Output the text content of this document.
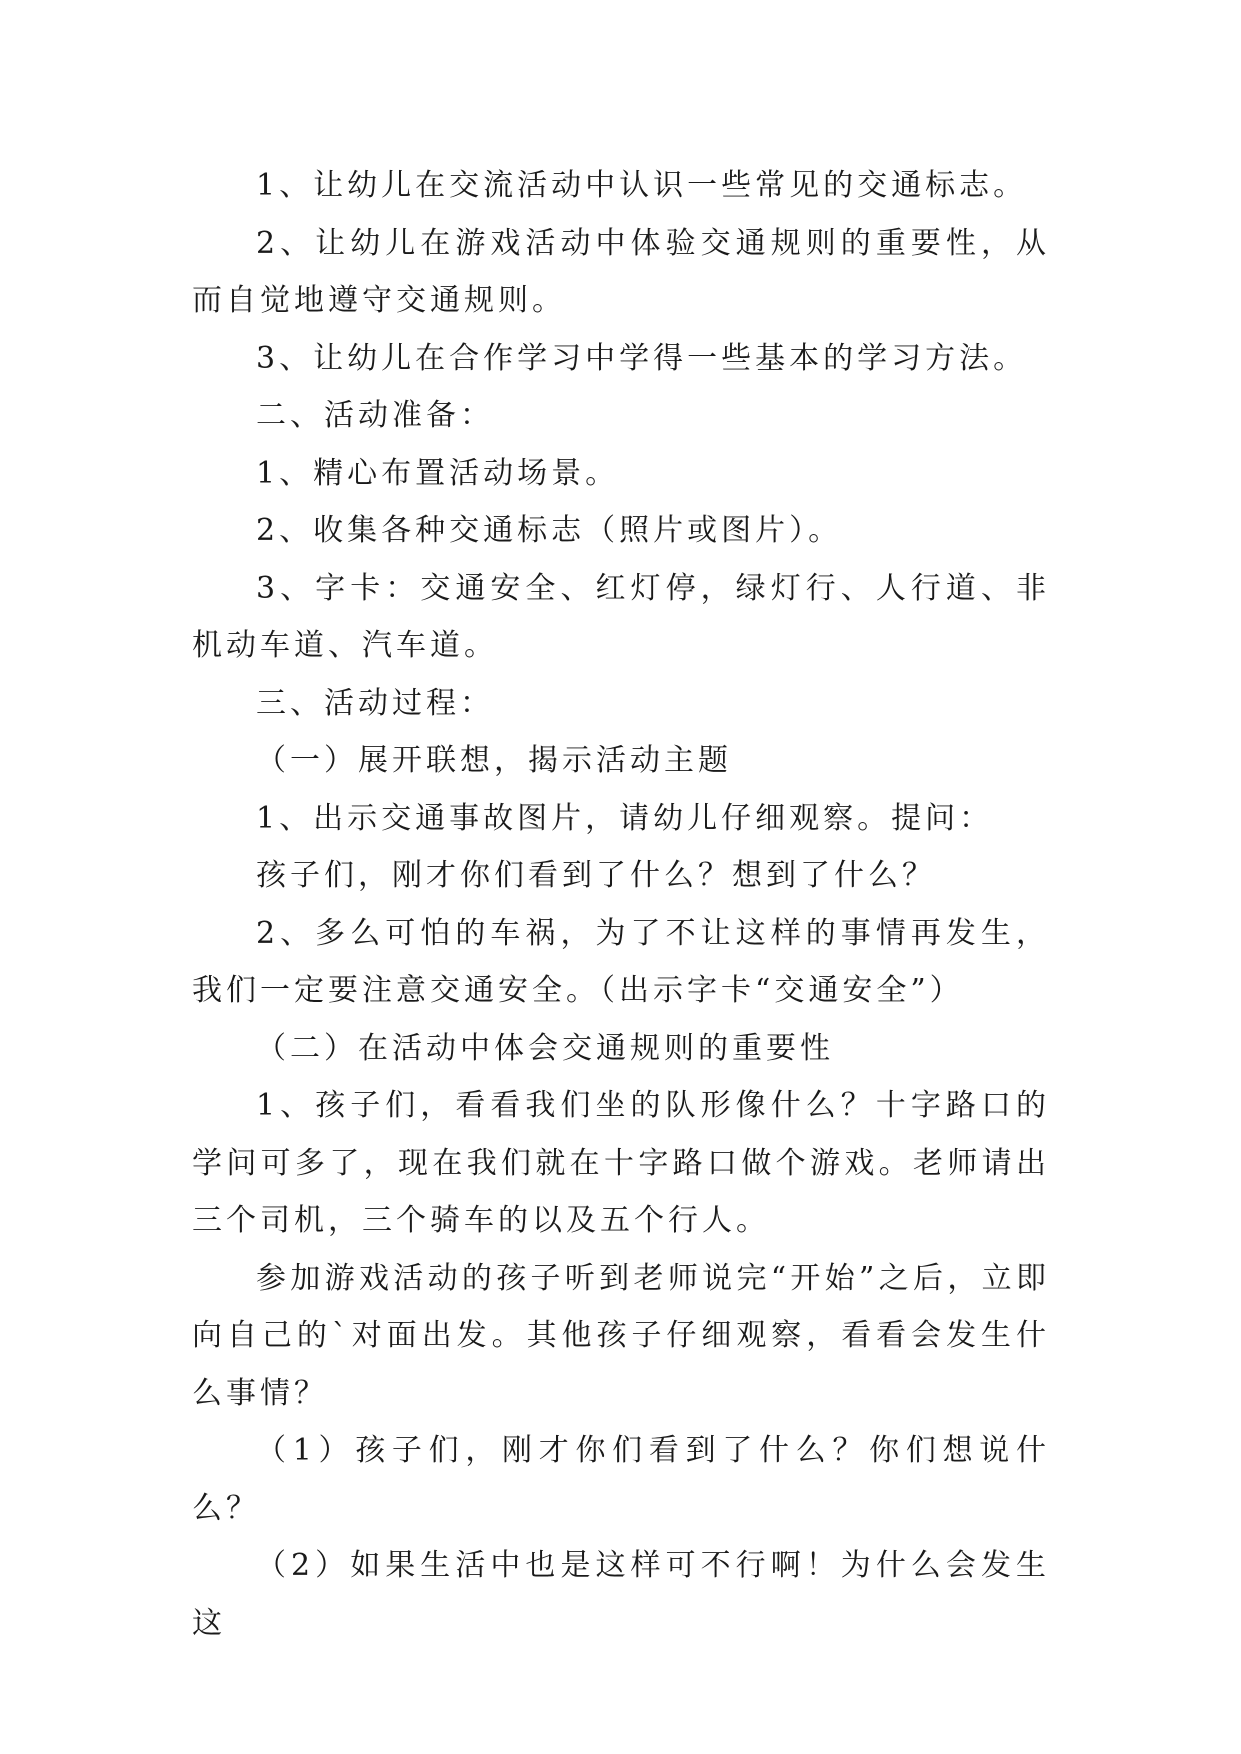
1、让幼儿在交流活动中认识一些常见的交通标志。

2、让幼儿在游戏活动中体验交通规则的重要性，从而自觉地遵守交通规则。

3、让幼儿在合作学习中学得一些基本的学习方法。

二、活动准备：

1、精心布置活动场景。

2、收集各种交通标志（照片或图片）。

3、字卡：交通安全、红灯停，绿灯行、人行道、非机动车道、汽车道。

三、活动过程：

（一）展开联想，揭示活动主题

1、出示交通事故图片，请幼儿仔细观察。提问：

孩子们，刚才你们看到了什么？想到了什么？

2、多么可怕的车祸，为了不让这样的事情再发生，我们一定要注意交通安全。（出示字卡“交通安全”）

（二）在活动中体会交通规则的重要性

1、孩子们，看看我们坐的队形像什么？十字路口的学问可多了，现在我们就在十字路口做个游戏。老师请出三个司机，三个骑车的以及五个行人。

参加游戏活动的孩子听到老师说完“开始”之后，立即向自己的`对面出发。其他孩子仔细观察，看看会发生什么事情？

（1）孩子们，刚才你们看到了什么？你们想说什么？

（2）如果生活中也是这样可不行啊！为什么会发生这
